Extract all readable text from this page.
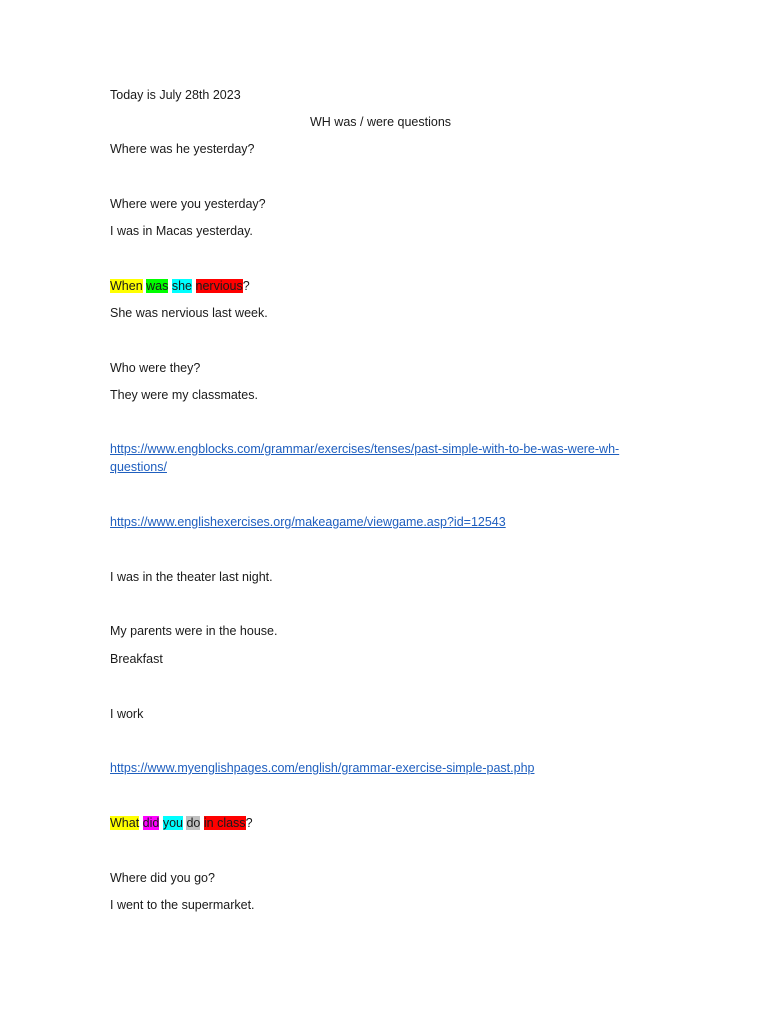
Today is July 28th 2023
WH was / were questions
Where was he yesterday?
Where were you yesterday?
I was in Macas yesterday.
When was she nervious?
She was nervious last week.
Who were they?
They were my classmates.
https://www.engblocks.com/grammar/exercises/tenses/past-simple-with-to-be-was-were-wh-questions/
https://www.englishexercises.org/makeagame/viewgame.asp?id=12543
I was in the theater last night.
My parents were in the house.
Breakfast
I work
https://www.myenglishpages.com/english/grammar-exercise-simple-past.php
What did you do in class?
Where did you go?
I went to the supermarket.
